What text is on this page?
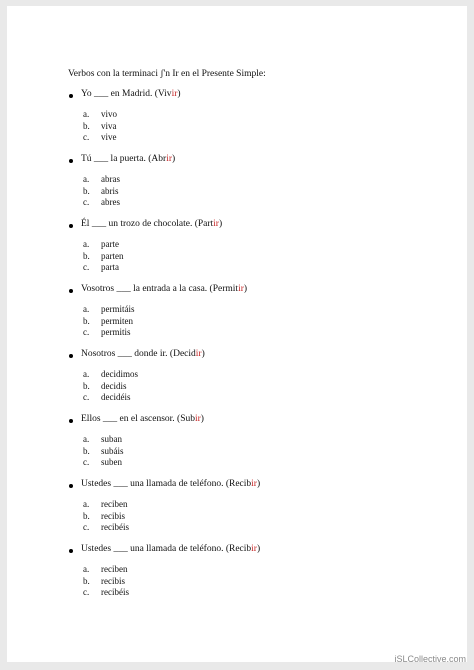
Verbos con la terminaci ʃ'n Ir en el Presente Simple:
Yo ___ en Madrid. (Vivir)
a. vivo
b. viva
c. vive
Tú ___ la puerta. (Abrir)
a. abras
b. abris
c. abres
Él ___ un trozo de chocolate. (Partir)
a. parte
b. parten
c. parta
Vosotros ___ la entrada a la casa. (Permitir)
a. permitáis
b. permiten
c. permitis
Nosotros ___ donde ir. (Decidir)
a. decidimos
b. decidis
c. decidéis
Ellos ___ en el ascensor. (Subir)
a. suban
b. subáis
c. suben
Ustedes ___ una llamada de teléfono. (Recibir)
a. reciben
b. recibis
c. recibéis
Ustedes ___ una llamada de teléfono. (Recibir)
a. reciben
b. recibis
c. recibéis
iSLCollective.com
